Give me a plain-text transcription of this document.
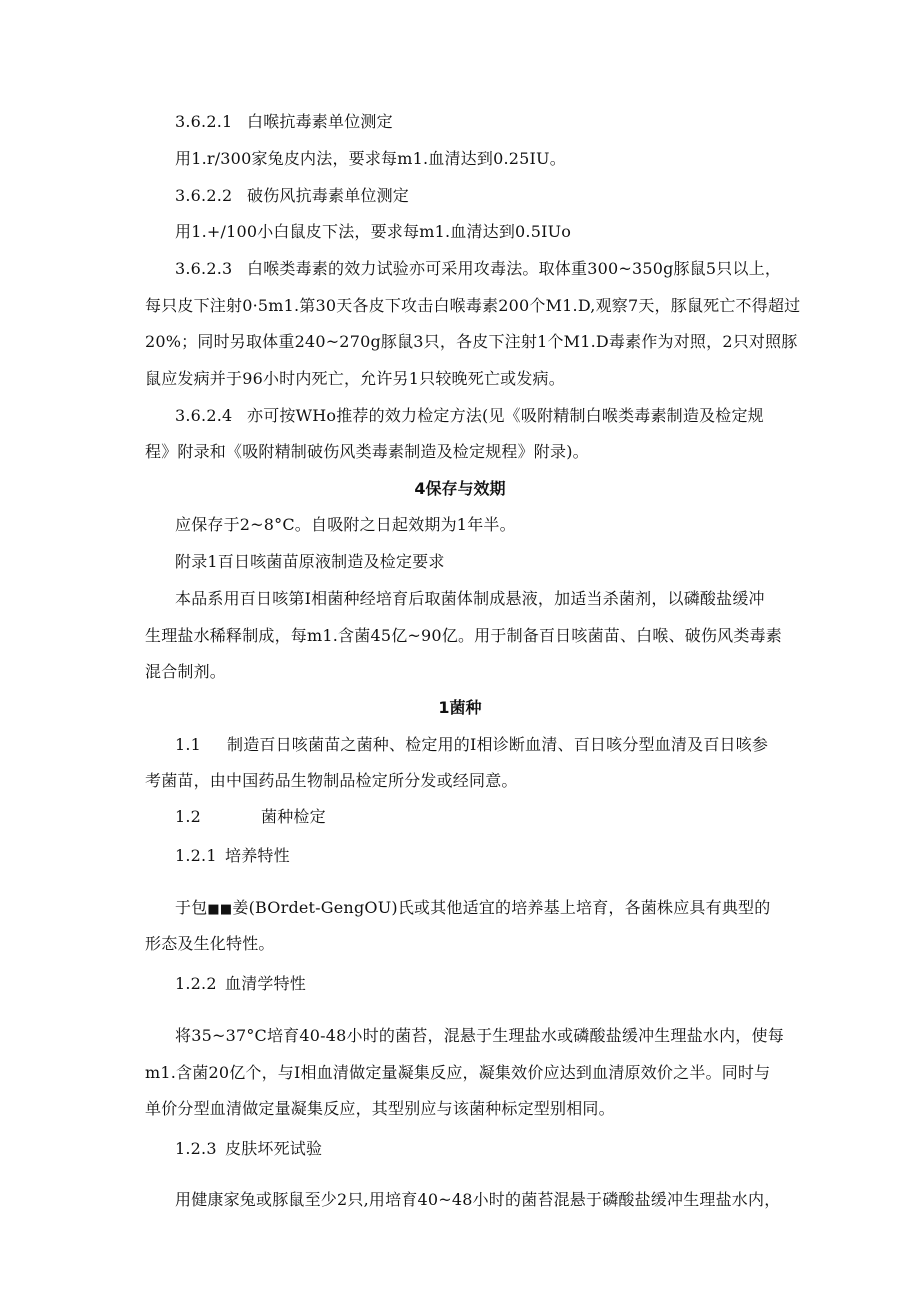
3.6.2.1 白喉抗毒素单位测定
用1.r/300家兔皮内法，要求每m1.血清达到0.25IU。
3.6.2.2 破伤风抗毒素单位测定
用1.+/100小白鼠皮下法，要求每m1.血清达到0.5IUo
3.6.2.3 白喉类毒素的效力试验亦可采用攻毒法。取体重300~350g豚鼠5只以上，
每只皮下注射0·5m1.第30天各皮下攻击白喉毒素200个M1.D,观察7天，豚鼠死亡不得超过
20%；同时另取体重240~270g豚鼠3只，各皮下注射1个M1.D毒素作为对照，2只对照豚
鼠应发病并于96小时内死亡，允许另1只较晚死亡或发病。
3.6.2.4 亦可按WHo推荐的效力检定方法(见《吸附精制白喉类毒素制造及检定规
程》附录和《吸附精制破伤风类毒素制造及检定规程》附录)。
4保存与效期
应保存于2~8°C。自吸附之日起效期为1年半。
附录1百日咳菌苗原液制造及检定要求
本品系用百日咳第I相菌种经培育后取菌体制成悬液，加适当杀菌剂，以磷酸盐缓冲
生理盐水稀释制成，每m1.含菌45亿~90亿。用于制备百日咳菌苗、白喉、破伤风类毒素
混合制剂。
1菌种
1.1 制造百日咳菌苗之菌种、检定用的I相诊断血清、百日咳分型血清及百日咳参
考菌苗，由中国药品生物制品检定所分发或经同意。
1.2	菌种检定
1.2.1 培养特性
于包■■姜(BOrdet-GengOU)氏或其他适宜的培养基上培育，各菌株应具有典型的
形态及生化特性。
1.2.2 血清学特性
将35~37°C培育40-48小时的菌苔，混悬于生理盐水或磷酸盐缓冲生理盐水内，使每
m1.含菌20亿个，与I相血清做定量凝集反应，凝集效价应达到血清原效价之半。同时与
单价分型血清做定量凝集反应，其型别应与该菌种标定型别相同。
1.2.3 皮肤坏死试验
用健康家兔或豚鼠至少2只,用培育40~48小时的菌苔混悬于磷酸盐缓冲生理盐水内，
